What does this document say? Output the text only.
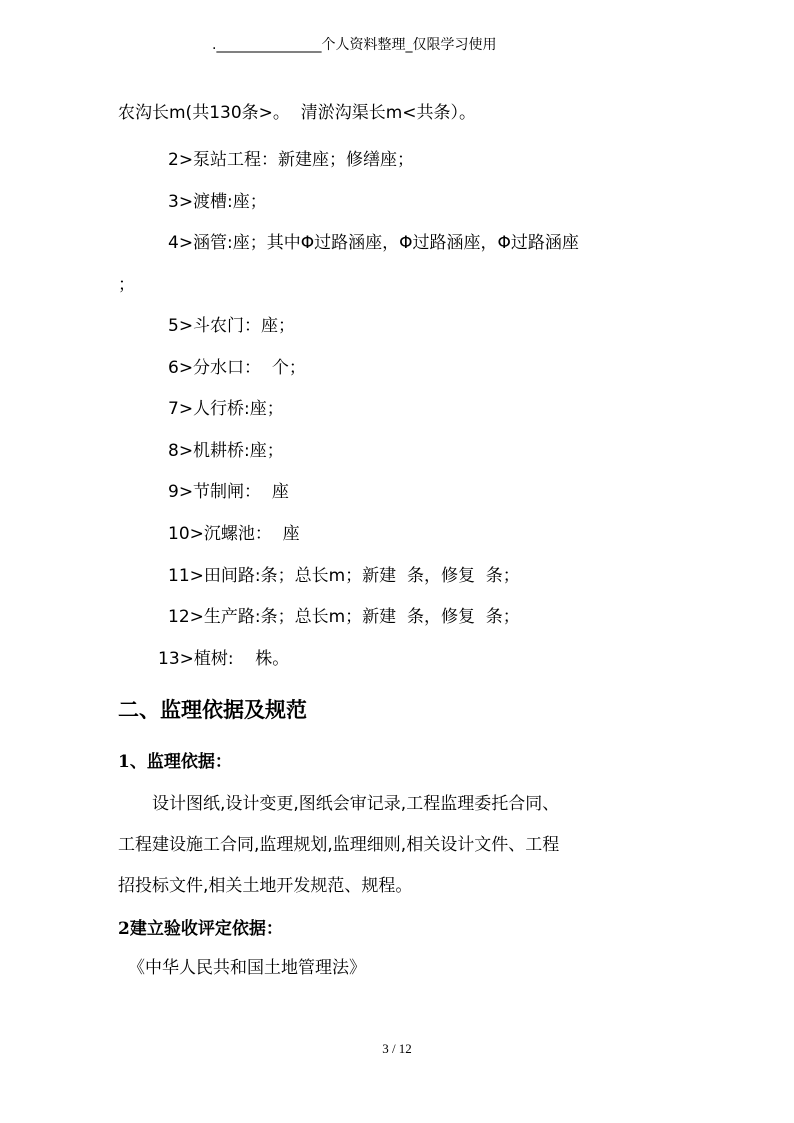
._______________个人资料整理_仅限学习使用
农沟长m(共130条>。  清淤沟渠长m<共条）。
2>泵站工程：新建座；修缮座；
3>渡槽:座；
4>涵管:座；其中Φ过路涵座，Φ过路涵座，Φ过路涵座
；
5>斗农门：座；
6>分水口：  个；
7>人行桥:座；
8>机耕桥:座；
9>节制闸：  座
10>沉螺池：  座
11>田间路:条；总长m；新建  条，修复  条；
12>生产路:条；总长m；新建  条，修复  条；
13>植树:    株。
二、监理依据及规范
1、监理依据：
设计图纸,设计变更,图纸会审记录,工程监理委托合同、
工程建设施工合同,监理规划,监理细则,相关设计文件、工程
招投标文件,相关土地开发规范、规程。
2建立验收评定依据：
《中华人民共和国土地管理法》
3 / 12
